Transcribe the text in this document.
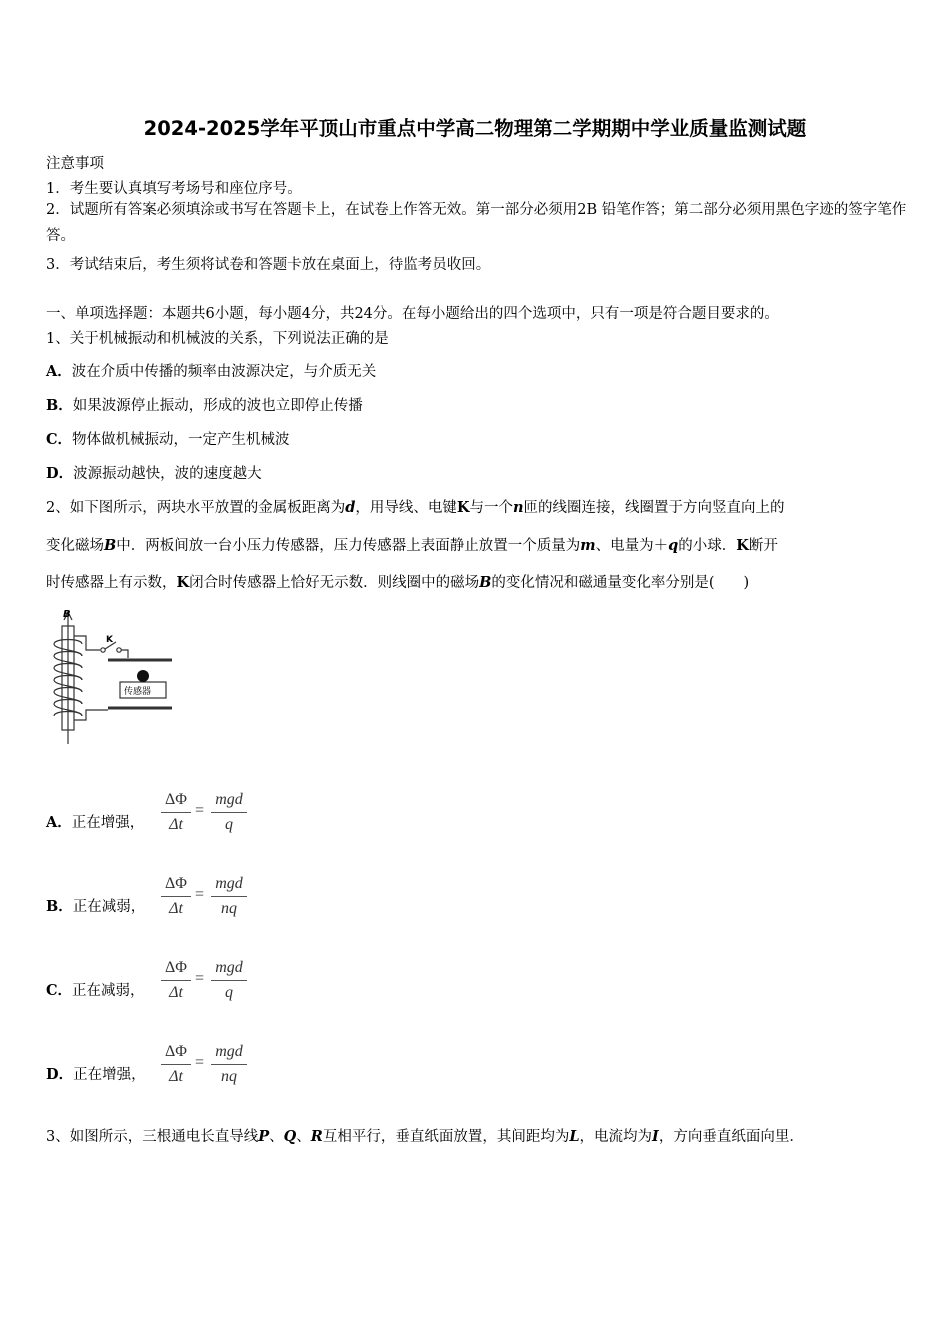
2024-2025学年平顶山市重点中学高二物理第二学期期中学业质量监测试题
注意事项
1．考生要认真填写考场号和座位序号。
2．试题所有答案必须填涂或书写在答题卡上，在试卷上作答无效。第一部分必须用2B 铅笔作答；第二部分必须用黑色字迹的签字笔作答。
3．考试结束后，考生须将试卷和答题卡放在桌面上，待监考员收回。
一、单项选择题：本题共6小题，每小题4分，共24分。在每小题给出的四个选项中，只有一项是符合题目要求的。
1、关于机械振动和机械波的关系，下列说法正确的是
A．波在介质中传播的频率由波源决定，与介质无关
B．如果波源停止振动，形成的波也立即停止传播
C．物体做机械振动，一定产生机械波
D．波源振动越快，波的速度越大
2、如下图所示，两块水平放置的金属板距离为d，用导线、电键K与一个n匝的线圈连接，线圈置于方向竖直向上的
变化磁场B中．两板间放一台小压力传感器，压力传感器上表面静止放置一个质量为m、电量为＋q的小球．K断开
时传感器上有示数，K闭合时传感器上恰好无示数．则线圈中的磁场B的变化情况和磁通量变化率分别是(　　)
B
K
传感器
A．正在增强，
ΔΦ
Δt
=
mgd
q
B．正在减弱，
ΔΦ
Δt
=
mgd
nq
C．正在减弱，
ΔΦ
Δt
=
mgd
q
D．正在增强，
ΔΦ
Δt
=
mgd
nq
3、如图所示，三根通电长直导线P、Q、R互相平行，垂直纸面放置，其间距均为L，电流均为I，方向垂直纸面向里．
